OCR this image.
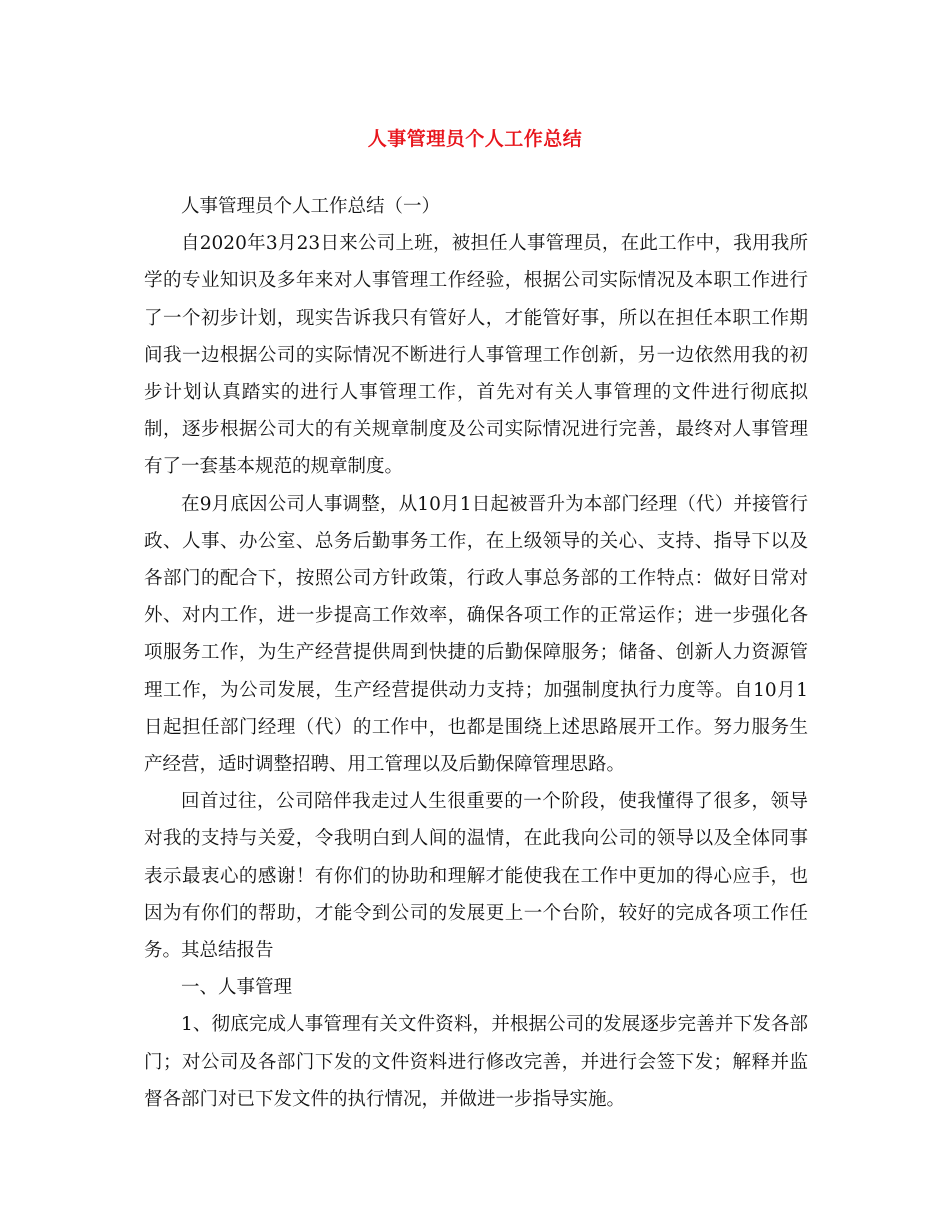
人事管理员个人工作总结

人事管理员个人工作总结（一）

自2020年3月23日来公司上班，被担任人事管理员，在此工作中，我用我所学的专业知识及多年来对人事管理工作经验，根据公司实际情况及本职工作进行了一个初步计划，现实告诉我只有管好人，才能管好事，所以在担任本职工作期间我一边根据公司的实际情况不断进行人事管理工作创新，另一边依然用我的初步计划认真踏实的进行人事管理工作，首先对有关人事管理的文件进行彻底拟制，逐步根据公司大的有关规章制度及公司实际情况进行完善，最终对人事管理有了一套基本规范的规章制度。

在9月底因公司人事调整，从10月1日起被晋升为本部门经理（代）并接管行政、人事、办公室、总务后勤事务工作，在上级领导的关心、支持、指导下以及各部门的配合下，按照公司方针政策，行政人事总务部的工作特点：做好日常对外、对内工作，进一步提高工作效率，确保各项工作的正常运作；进一步强化各项服务工作，为生产经营提供周到快捷的后勤保障服务；储备、创新人力资源管理工作，为公司发展，生产经营提供动力支持；加强制度执行力度等。自10月1日起担任部门经理（代）的工作中，也都是围绕上述思路展开工作。努力服务生产经营，适时调整招聘、用工管理以及后勤保障管理思路。

回首过往，公司陪伴我走过人生很重要的一个阶段，使我懂得了很多，领导对我的支持与关爱，令我明白到人间的温情，在此我向公司的领导以及全体同事表示最衷心的感谢！有你们的协助和理解才能使我在工作中更加的得心应手，也因为有你们的帮助，才能令到公司的发展更上一个台阶，较好的完成各项工作任务。其总结报告

一、人事管理

1、彻底完成人事管理有关文件资料，并根据公司的发展逐步完善并下发各部门；对公司及各部门下发的文件资料进行修改完善，并进行会签下发；解释并监督各部门对已下发文件的执行情况，并做进一步指导实施。
